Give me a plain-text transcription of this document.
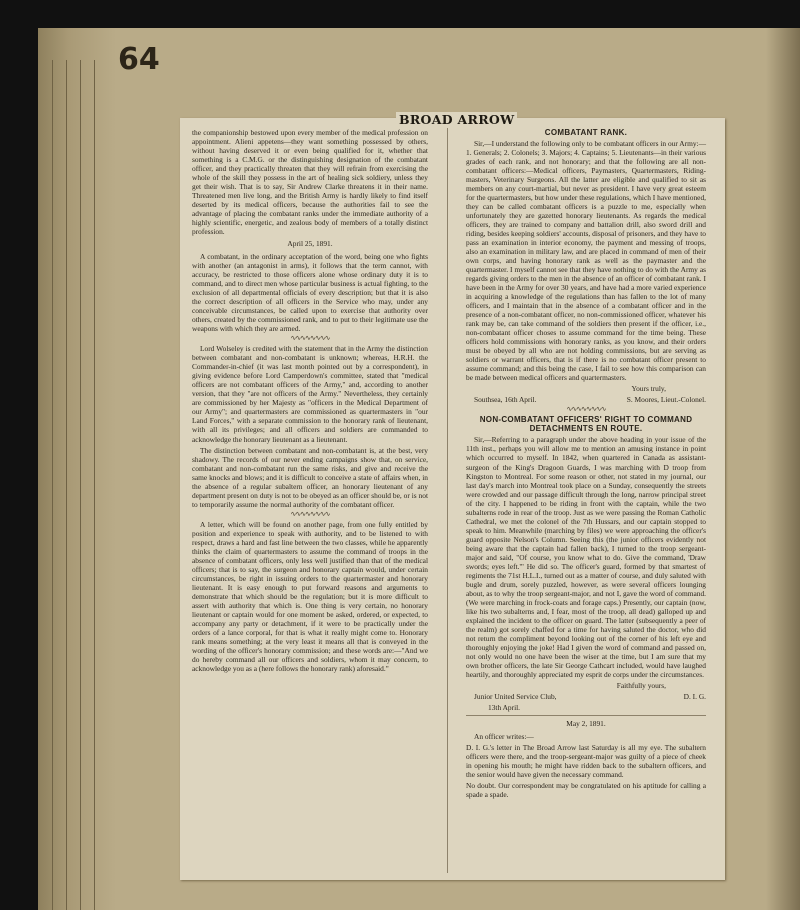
64
BROAD ARROW

the companionship bestowed upon every member of the medical profession on appointment. Alieni appetens—they want something possessed by others, without having deserved it or even being qualified for it, whether that something is a C.M.G. or the distinguishing designation of the combatant officer, and they practically threaten that they will refrain from exercising the whole of the skill they possess in the art of healing sick soldiery, unless they get their wish. That is to say, Sir Andrew Clarke threatens it in their name. Threatened men live long, and the British Army is hardly likely to find itself deserted by its medical officers, because the authorities fail to see the advantage of placing the combatant ranks under the immediate authority of a highly scientific, energetic, and zealous body of members of a totally distinct profession.

April 25, 1891.

A combatant, in the ordinary acceptation of the word, being one who fights with another (an antagonist in arms), it follows that the term cannot, with accuracy, be restricted to those officers alone whose ordinary duty it is to command, and to direct men whose particular business is actual fighting, to the exclusion of all departmental officials of every description; but that it is also the correct description of all officers in the Service who may, under any conceivable circumstances, be called upon to exercise that authority over others, created by the commissioned rank, and to put to their legitimate use the weapons with which they are armed.

∿∿∿∿∿∿∿∿

Lord Wolseley is credited with the statement that in the Army the distinction between combatant and non-combatant is unknown; whereas, H.R.H. the Commander-in-chief (it was last month pointed out by a correspondent), in giving evidence before Lord Camperdown's committee, stated that "medical officers are not combatant officers of the Army," and, according to another version, that they "are not officers of the Army." Nevertheless, they certainly are commissioned by her Majesty as "officers in the Medical Department of our Army"; and quartermasters are commissioned as quartermasters in "our Land Forces," with a separate commission to the honorary rank of lieutenant, with all its privileges; and all officers and soldiers are commanded to acknowledge the honorary lieutenant as a lieutenant.

The distinction between combatant and non-combatant is, at the best, very shadowy. The records of our never ending campaigns show that, on service, combatant and non-combatant run the same risks, and give and receive the same knocks and blows; and it is difficult to conceive a state of affairs when, in the absence of a regular subaltern officer, an honorary lieutenant of any department present on duty is not to be obeyed as an officer should be, or is not to temporarily assume the normal authority of the combatant officer.

∿∿∿∿∿∿∿∿

A letter, which will be found on another page, from one fully entitled by position and experience to speak with authority, and to be listened to with respect, draws a hard and fast line between the two classes, while he apparently thinks the claim of quartermasters to assume the command of troops in the absence of combatant officers, only less well justified than that of the medical officers; that is to say, the surgeon and honorary captain would, under certain circumstances, be right in issuing orders to the quartermaster and honorary lieutenant. It is easy enough to put forward reasons and arguments to demonstrate that which should be the regulation; but it is more difficult to assert with authority that which is. One thing is very certain, no honorary lieutenant or captain would for one moment be asked, ordered, or expected, to accompany any party or detachment, if it were to be practically under the orders of a lance corporal, for that is what it really might come to. Honorary rank means something; at the very least it means all that is conveyed in the wording of the officer's honorary commission; and these words are:—"And we do hereby command all our officers and soldiers, whom it may concern, to acknowledge you as a (here follows the honorary rank) aforesaid."

COMBATANT RANK.

Sir,—I understand the following only to be combatant officers in our Army:—1. Generals; 2. Colonels; 3. Majors; 4. Captains; 5. Lieutenants—in their various grades of each rank, and not honorary; and that the following are all non-combatant officers:—Medical officers, Paymasters, Quartermasters, Riding-masters, Veterinary Surgeons. All the latter are eligible and qualified to sit as members on any court-martial, but never as president. I have very great esteem for the quartermasters, but how under these regulations, which I have mentioned, they can be called combatant officers is a puzzle to me, especially when unfortunately they are gazetted honorary lieutenants. As regards the medical officers, they are trained to company and battalion drill, also sword drill and riding, besides keeping soldiers' accounts, disposal of prisoners, and they have to pass an examination in interior economy, the payment and messing of troops, also an examination in military law, and are placed in command of men of their own corps, and having honorary rank as well as the paymaster and the quartermaster. I myself cannot see that they have nothing to do with the Army as regards giving orders to the men in the absence of an officer of combatant rank. I have been in the Army for over 30 years, and have had a more varied experience in acquiring a knowledge of the regulations than has fallen to the lot of many officers, and I maintain that in the absence of a combatant officer and in the presence of a non-combatant officer, no non-commissioned officer, whatever his rank may be, can take command of the soldiers then present if the officer, i.e., non-combatant officer choses to assume command for the time being. These officers hold commissions with honorary ranks, as you know, and their orders must be obeyed by all who are not holding commissions, but are serving as soldiers or warrant officers, that is if there is no combatant officer present to assume command; and this being the case, I fail to see how this comparison can be made between medical officers and quartermasters.

Yours truly,

Southsea, 16th April.	S. Moores, Lieut.-Colonel.
∿∿∿∿∿∿∿∿
NON-COMBATANT OFFICERS' RIGHT TO COMMAND DETACHMENTS EN ROUTE.

Sir,—Referring to a paragraph under the above heading in your issue of the 11th inst., perhaps you will allow me to mention an amusing instance in point which occurred to myself. In 1842, when quartered in Canada as assistant-surgeon of the King's Dragoon Guards, I was marching with D troop from Kingston to Montreal. For some reason or other, not stated in my journal, our last day's march into Montreal took place on a Sunday, consequently the streets were crowded and our passage difficult through the long, narrow principal street of the city. I happened to be riding in front with the captain, while the two subalterns rode in rear of the troop. Just as we were passing the Roman Catholic Cathedral, we met the colonel of the 7th Hussars, and our captain stopped to speak to him. Meanwhile (marching by files) we were approaching the officer's guard opposite Nelson's Column. Seeing this (the junior officers evidently not being aware that the captain had fallen back), I turned to the troop sergeant-major and said, "Of course, you know what to do. Give the command, 'Draw swords; eyes left.'" He did so. The officer's guard, formed by that smartest of regiments the 71st H.L.I., turned out as a matter of course, and duly saluted with bugle and drum, sorely puzzled, however, as were several officers lounging about, as to why the troop sergeant-major, and not I, gave the word of command. (We were marching in frock-coats and forage caps.) Presently, our captain (now, like his two subalterns and, I fear, most of the troop, all dead) galloped up and explained the incident to the officer on guard. The latter (subsequently a peer of the realm) got sorely chaffed for a time for having saluted the doctor, who did not return the compliment beyond looking out of the corner of his left eye and thoroughly enjoying the joke! Had I given the word of command and passed on, not only would no one have been the wiser at the time, but I am sure that my own brother officers, the late Sir George Cathcart included, would have laughed heartily, and thoroughly appreciated my esprit de corps under the circumstances.

Faithfully yours,

Junior United Service Club,	D. I. G.

13th April.

May 2, 1891.

An officer writes:—

D. I. G.'s letter in The Broad Arrow last Saturday is all my eye. The subaltern officers were there, and the troop-sergeant-major was guilty of a piece of cheek in opening his mouth; he might have ridden back to the subaltern officers, and the senior would have given the necessary command.

No doubt. Our correspondent may be congratulated on his aptitude for calling a spade a spade.
